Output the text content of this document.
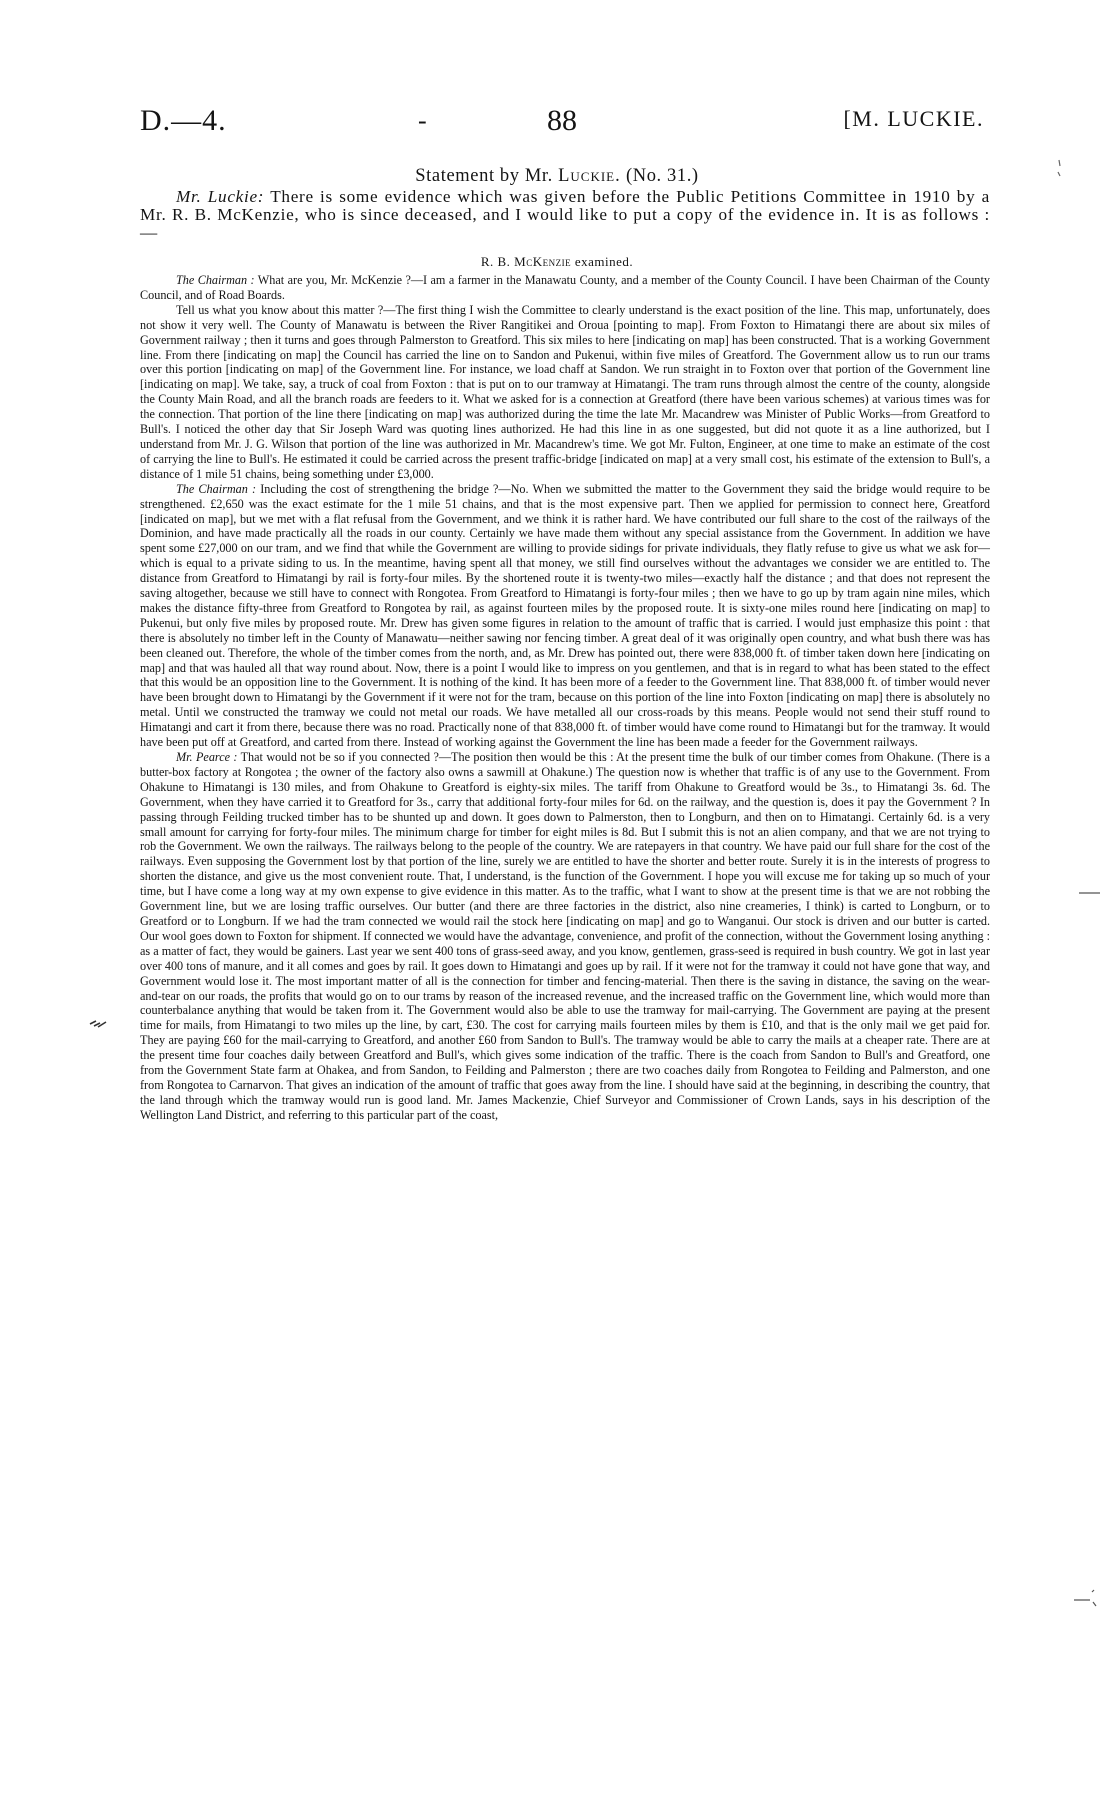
D.—4.	-	88	[M. LUCKIE.
Statement by Mr. Luckie. (No. 31.)
Mr. Luckie: There is some evidence which was given before the Public Petitions Committee in 1910 by a Mr. R. B. McKenzie, who is since deceased, and I would like to put a copy of the evidence in. It is as follows :—
R. B. McKenzie examined.

The Chairman : What are you, Mr. McKenzie ?—I am a farmer in the Manawatu County, and a member of the County Council. I have been Chairman of the County Council, and of Road Boards.

Tell us what you know about this matter ?—The first thing I wish the Committee to clearly understand is the exact position of the line. This map, unfortunately, does not show it very well. The County of Manawatu is between the River Rangitikei and Oroua [pointing to map]. From Foxton to Himatangi there are about six miles of Government railway ; then it turns and goes through Palmerston to Greatford. This six miles to here [indicating on map] has been constructed. That is a working Government line. From there [indicating on map] the Council has carried the line on to Sandon and Pukenui, within five miles of Greatford. The Government allow us to run our trams over this portion [indicating on map] of the Government line. For instance, we load chaff at Sandon. We run straight in to Foxton over that portion of the Government line [indicating on map]. We take, say, a truck of coal from Foxton : that is put on to our tramway at Himatangi. The tram runs through almost the centre of the county, alongside the County Main Road, and all the branch roads are feeders to it. What we asked for is a connection at Greatford (there have been various schemes) at various times was for the connection. That portion of the line there [indicating on map] was authorized during the time the late Mr. Macandrew was Minister of Public Works—from Greatford to Bull's. I noticed the other day that Sir Joseph Ward was quoting lines authorized. He had this line in as one suggested, but did not quote it as a line authorized, but I understand from Mr. J. G. Wilson that portion of the line was authorized in Mr. Macandrew's time. We got Mr. Fulton, Engineer, at one time to make an estimate of the cost of carrying the line to Bull's. He estimated it could be carried across the present traffic-bridge [indicated on map] at a very small cost, his estimate of the extension to Bull's, a distance of 1 mile 51 chains, being something under £3,000.

The Chairman : Including the cost of strengthening the bridge ?—No. When we submitted the matter to the Government they said the bridge would require to be strengthened. £2,650 was the exact estimate for the 1 mile 51 chains, and that is the most expensive part. Then we applied for permission to connect here, Greatford [indicated on map], but we met with a flat refusal from the Government, and we think it is rather hard. We have contributed our full share to the cost of the railways of the Dominion, and have made practically all the roads in our county. Certainly we have made them without any special assistance from the Government. In addition we have spent some £27,000 on our tram, and we find that while the Government are willing to provide sidings for private individuals, they flatly refuse to give us what we ask for—which is equal to a private siding to us. In the meantime, having spent all that money, we still find ourselves without the advantages we consider we are entitled to. The distance from Greatford to Himatangi by rail is forty-four miles. By the shortened route it is twenty-two miles—exactly half the distance ; and that does not represent the saving altogether, because we still have to connect with Rongotea. From Greatford to Himatangi is forty-four miles ; then we have to go up by tram again nine miles, which makes the distance fifty-three from Greatford to Rongotea by rail, as against fourteen miles by the proposed route. It is sixty-one miles round here [indicating on map] to Pukenui, but only five miles by proposed route. Mr. Drew has given some figures in relation to the amount of traffic that is carried. I would just emphasize this point : that there is absolutely no timber left in the County of Manawatu—neither sawing nor fencing timber. A great deal of it was originally open country, and what bush there was has been cleaned out. Therefore, the whole of the timber comes from the north, and, as Mr. Drew has pointed out, there were 838,000 ft. of timber taken down here [indicating on map] and that was hauled all that way round about. Now, there is a point I would like to impress on you gentlemen, and that is in regard to what has been stated to the effect that this would be an opposition line to the Government. It is nothing of the kind. It has been more of a feeder to the Government line. That 838,000 ft. of timber would never have been brought down to Himatangi by the Government if it were not for the tram, because on this portion of the line into Foxton [indicating on map] there is absolutely no metal. Until we constructed the tramway we could not metal our roads. We have metalled all our cross-roads by this means. People would not send their stuff round to Himatangi and cart it from there, because there was no road. Practically none of that 838,000 ft. of timber would have come round to Himatangi but for the tramway. It would have been put off at Greatford, and carted from there. Instead of working against the Government the line has been made a feeder for the Government railways.

Mr. Pearce : That would not be so if you connected ?—The position then would be this : At the present time the bulk of our timber comes from Ohakune. (There is a butter-box factory at Rongotea ; the owner of the factory also owns a sawmill at Ohakune.) The question now is whether that traffic is of any use to the Government. From Ohakune to Himatangi is 130 miles, and from Ohakune to Greatford is eighty-six miles. The tariff from Ohakune to Greatford would be 3s., to Himatangi 3s. 6d. The Government, when they have carried it to Greatford for 3s., carry that additional forty-four miles for 6d. on the railway, and the question is, does it pay the Government ? In passing through Feilding trucked timber has to be shunted up and down. It goes down to Palmerston, then to Longburn, and then on to Himatangi. Certainly 6d. is a very small amount for carrying for forty-four miles. The minimum charge for timber for eight miles is 8d. But I submit this is not an alien company, and that we are not trying to rob the Government. We own the railways. The railways belong to the people of the country. We are ratepayers in that country. We have paid our full share for the cost of the railways. Even supposing the Government lost by that portion of the line, surely we are entitled to have the shorter and better route. Surely it is in the interests of progress to shorten the distance, and give us the most convenient route. That, I understand, is the function of the Government. I hope you will excuse me for taking up so much of your time, but I have come a long way at my own expense to give evidence in this matter. As to the traffic, what I want to show at the present time is that we are not robbing the Government line, but we are losing traffic ourselves. Our butter (and there are three factories in the district, also nine creameries, I think) is carted to Longburn, or to Greatford or to Longburn. If we had the tram connected we would rail the stock here [indicating on map] and go to Wanganui. Our stock is driven and our butter is carted. Our wool goes down to Foxton for shipment. If connected we would have the advantage, convenience, and profit of the connection, without the Government losing anything : as a matter of fact, they would be gainers. Last year we sent 400 tons of grass-seed away, and you know, gentlemen, grass-seed is required in bush country. We got in last year over 400 tons of manure, and it all comes and goes by rail. It goes down to Himatangi and goes up by rail. If it were not for the tramway it could not have gone that way, and Government would lose it. The most important matter of all is the connection for timber and fencing-material. Then there is the saving in distance, the saving on the wear-and-tear on our roads, the profits that would go on to our trams by reason of the increased revenue, and the increased traffic on the Government line, which would more than counterbalance anything that would be taken from it. The Government would also be able to use the tramway for mail-carrying. The Government are paying at the present time for mails, from Himatangi to two miles up the line, by cart, £30. The cost for carrying mails fourteen miles by them is £10, and that is the only mail we get paid for. They are paying £60 for the mail-carrying to Greatford, and another £60 from Sandon to Bull's. The tramway would be able to carry the mails at a cheaper rate. There are at the present time four coaches daily between Greatford and Bull's, which gives some indication of the traffic. There is the coach from Sandon to Bull's and Greatford, one from the Government State farm at Ohakea, and from Sandon, to Feilding and Palmerston ; there are two coaches daily from Rongotea to Feilding and Palmerston, and one from Rongotea to Carnarvon. That gives an indication of the amount of traffic that goes away from the line. I should have said at the beginning, in describing the country, that the land through which the tramway would run is good land. Mr. James Mackenzie, Chief Surveyor and Commissioner of Crown Lands, says in his description of the Wellington Land District, and referring to this particular part of the coast,
